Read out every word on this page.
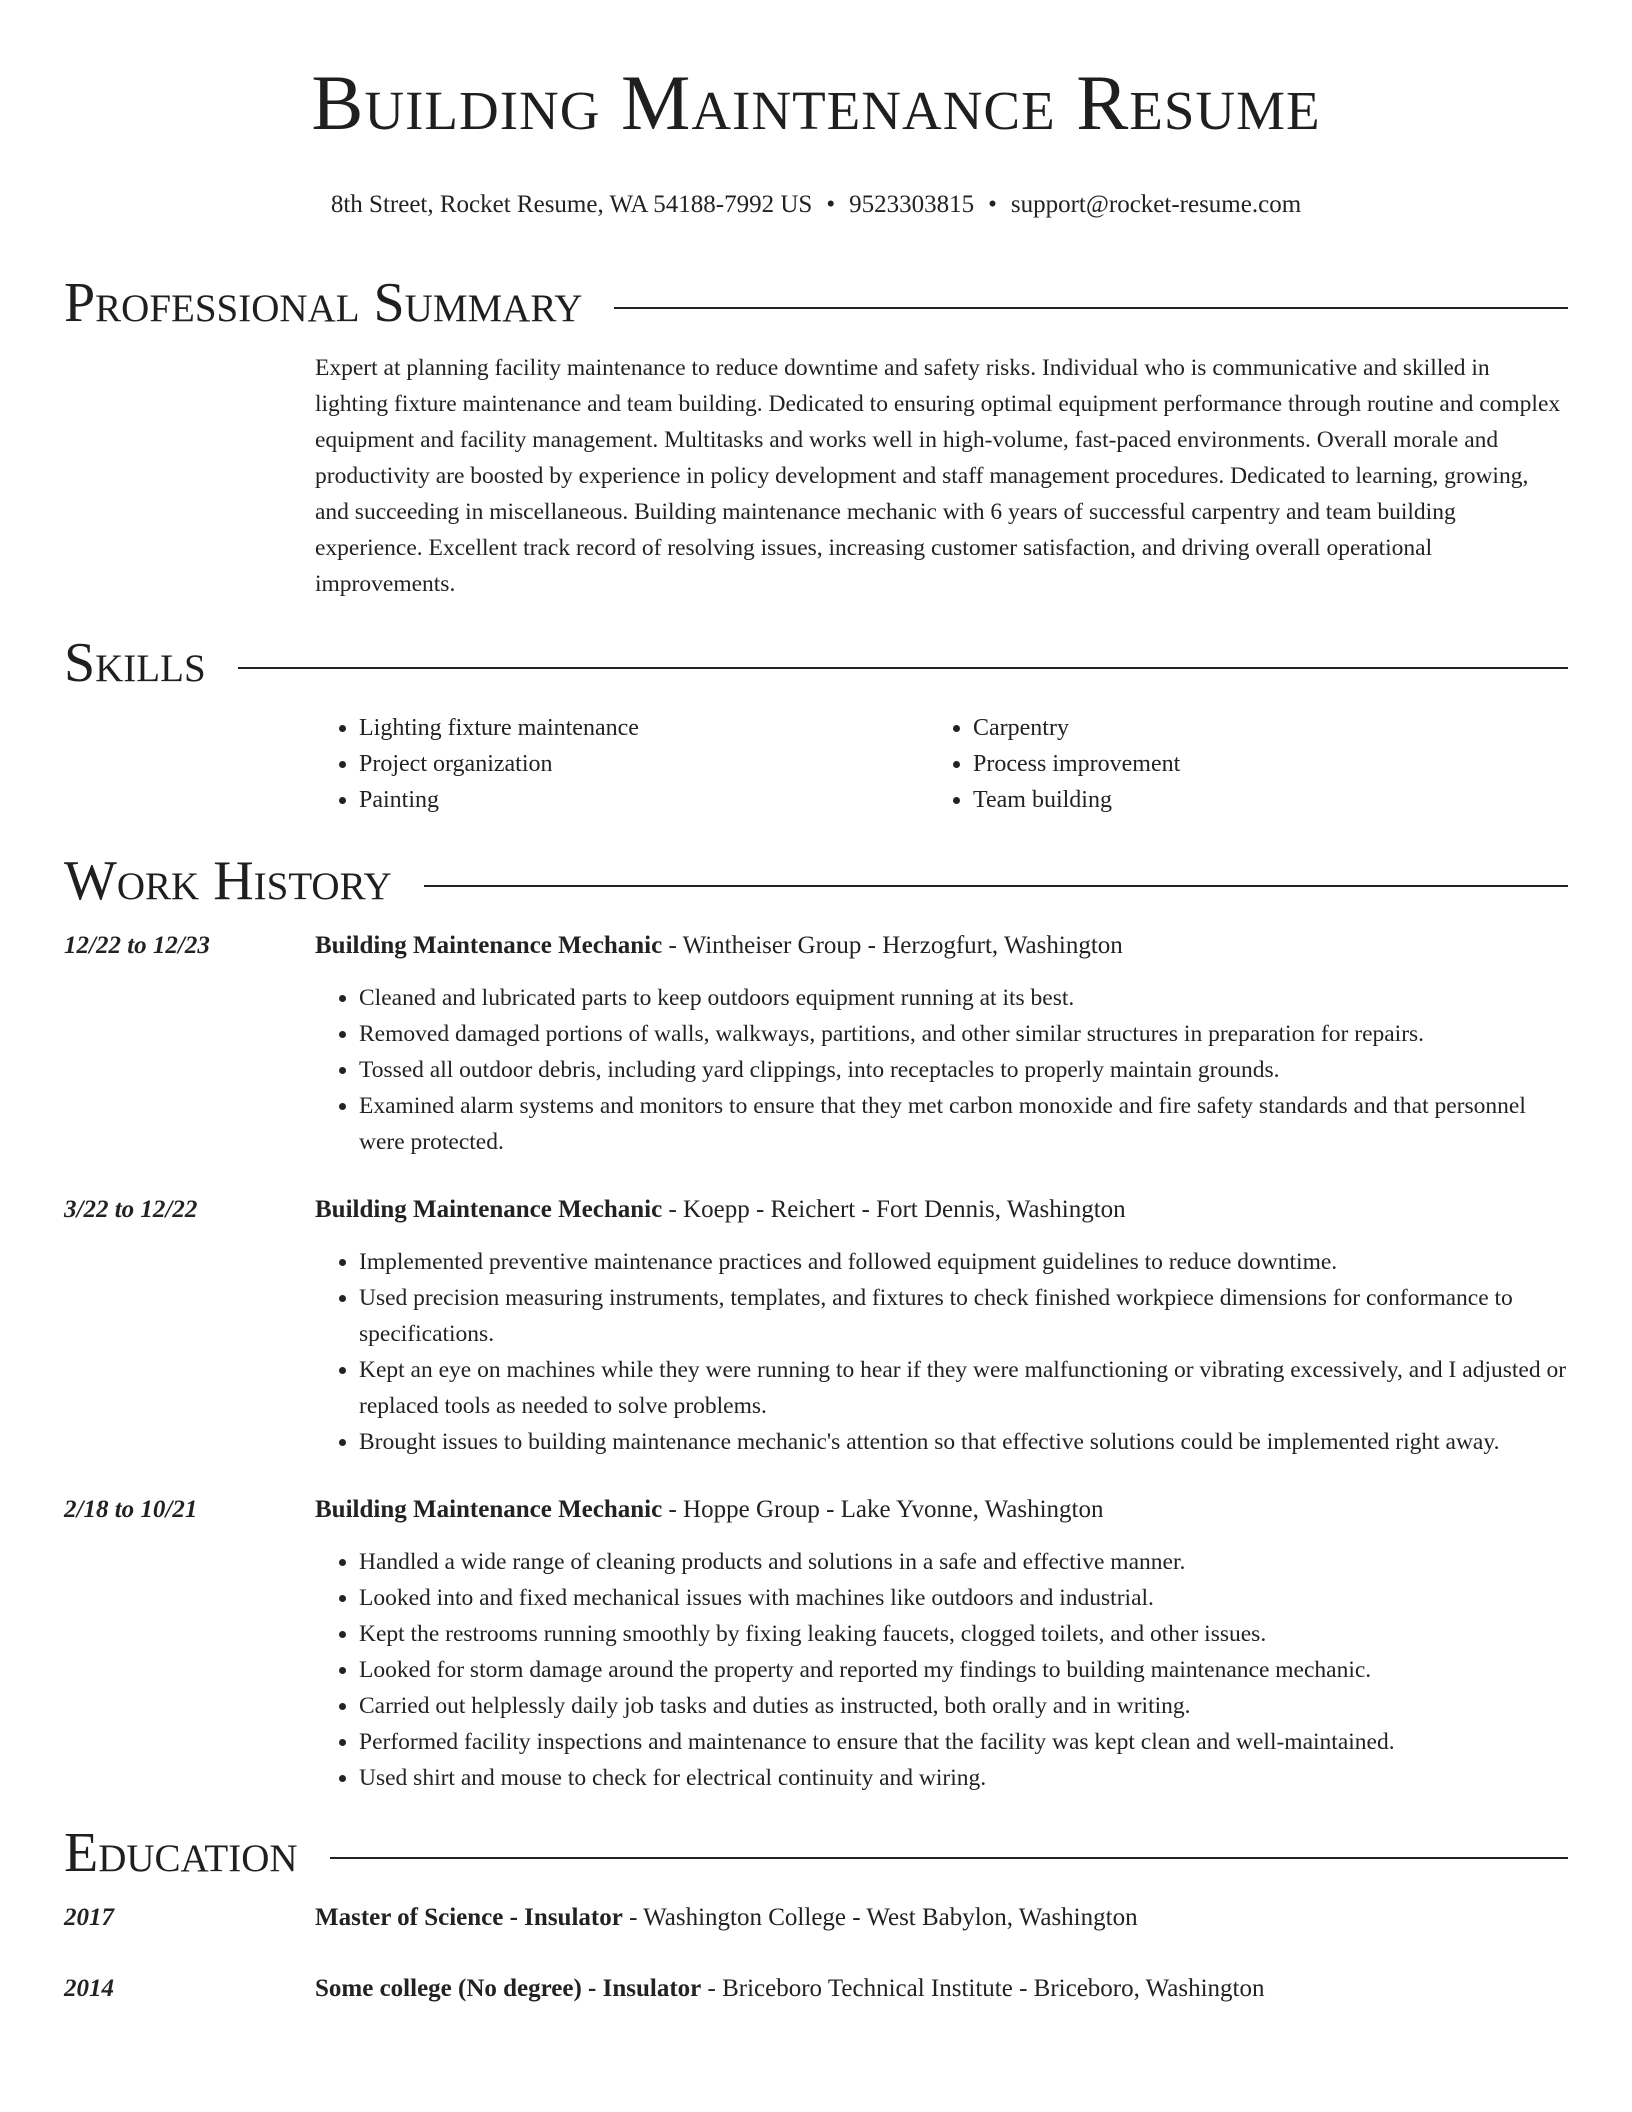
Building Maintenance Resume
8th Street, Rocket Resume, WA 54188-7992 US • 9523303815 • support@rocket-resume.com
Professional Summary
Expert at planning facility maintenance to reduce downtime and safety risks. Individual who is communicative and skilled in lighting fixture maintenance and team building. Dedicated to ensuring optimal equipment performance through routine and complex equipment and facility management. Multitasks and works well in high-volume, fast-paced environments. Overall morale and productivity are boosted by experience in policy development and staff management procedures. Dedicated to learning, growing, and succeeding in miscellaneous. Building maintenance mechanic with 6 years of successful carpentry and team building experience. Excellent track record of resolving issues, increasing customer satisfaction, and driving overall operational improvements.
Skills
• Lighting fixture maintenance
• Project organization
• Painting
• Carpentry
• Process improvement
• Team building
Work History
12/22 to 12/23	Building Maintenance Mechanic - Wintheiser Group - Herzogfurt, Washington
• Cleaned and lubricated parts to keep outdoors equipment running at its best.
• Removed damaged portions of walls, walkways, partitions, and other similar structures in preparation for repairs.
• Tossed all outdoor debris, including yard clippings, into receptacles to properly maintain grounds.
• Examined alarm systems and monitors to ensure that they met carbon monoxide and fire safety standards and that personnel were protected.
3/22 to 12/22	Building Maintenance Mechanic - Koepp - Reichert - Fort Dennis, Washington
• Implemented preventive maintenance practices and followed equipment guidelines to reduce downtime.
• Used precision measuring instruments, templates, and fixtures to check finished workpiece dimensions for conformance to specifications.
• Kept an eye on machines while they were running to hear if they were malfunctioning or vibrating excessively, and I adjusted or replaced tools as needed to solve problems.
• Brought issues to building maintenance mechanic's attention so that effective solutions could be implemented right away.
2/18 to 10/21	Building Maintenance Mechanic - Hoppe Group - Lake Yvonne, Washington
• Handled a wide range of cleaning products and solutions in a safe and effective manner.
• Looked into and fixed mechanical issues with machines like outdoors and industrial.
• Kept the restrooms running smoothly by fixing leaking faucets, clogged toilets, and other issues.
• Looked for storm damage around the property and reported my findings to building maintenance mechanic.
• Carried out helplessly daily job tasks and duties as instructed, both orally and in writing.
• Performed facility inspections and maintenance to ensure that the facility was kept clean and well-maintained.
• Used shirt and mouse to check for electrical continuity and wiring.
Education
2017	Master of Science - Insulator - Washington College - West Babylon, Washington
2014	Some college (No degree) - Insulator - Briceboro Technical Institute - Briceboro, Washington
